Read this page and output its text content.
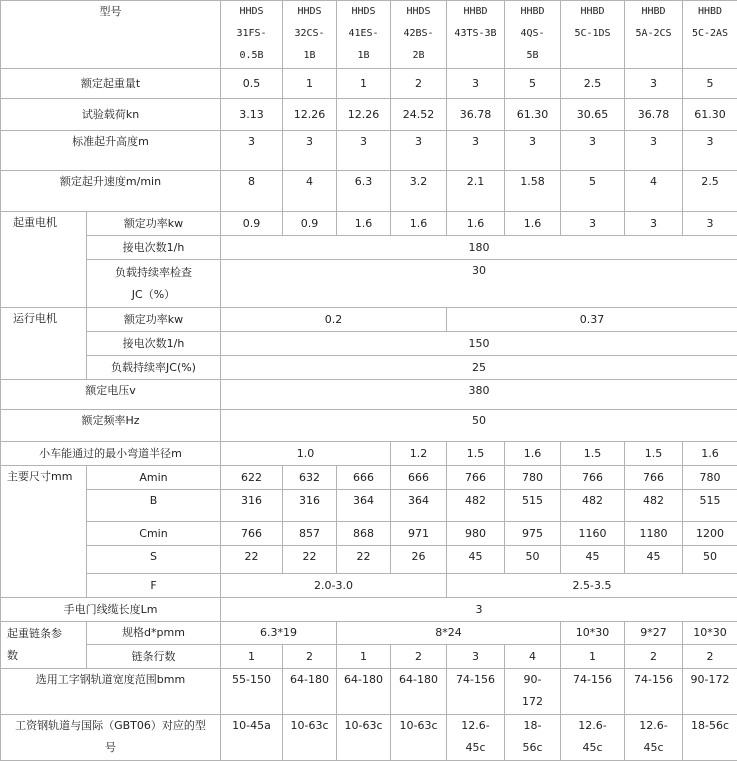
型号		HHDS
31FS-
0.5B	HHDS
32CS-
1B	HHDS
41ES-
1B	HHDS
42BS-
2B	HHBD
43TS-3B	HHBD
4QS-
5B	HHBD
5C-1DS	HHBD
5A-2CS	HHBD
5C-2AS
额定起重量t		0.5	1	1	2	3	5	2.5	3	5
试验载荷kn		3.13	12.26	12.26	24.52	36.78	61.30	30.65	36.78	61.30
标准起升高度m		3	3	3	3	3	3	3	3	3
额定起升速度m/min		8	4	6.3	3.2	2.1	1.58	5	4	2.5
起重电机	额定功率kw	0.9	0.9	1.6	1.6	1.6	1.6	3	3	3
	接电次数1/h	180								
	负载持续率检查
JC（%）	30								
运行电机	额定功率kw	0.2				0.37				
	接电次数1/h	150								
	负载持续率JC(%)	25								
额定电压v		380								
额定频率Hz		50								
小车能通过的最小弯道半径m		1.0			1.2	1.5	1.6	1.5	1.5	1.6
主要尺寸mm	Amin	622	632	666	666	766	780	766	766	780
	B	316	316	364	364	482	515	482	482	515
	Cmin	766	857	868	971	980	975	1160	1180	1200
	S	22	22	22	26	45	50	45	45	50
	F	2.0-3.0				2.5-3.5				
手电门线缆长度Lm		3								
起重链条参
数	规格d*pmm	6.3*19		8*24				10*30	9*27	10*30
	链条行数	1	2	1	2	3	4	1	2	2
选用工字钢轨道宽度范围bmm		55-150	64-180	64-180	64-180	74-156	90-
172	74-156	74-156	90-172
工资钢轨道与国际（GBT06）对应的型
号		10-45a	10-63c	10-63c	10-63c	12.6-
45c	18-
56c	12.6-
45c	12.6-
45c	18-56c
